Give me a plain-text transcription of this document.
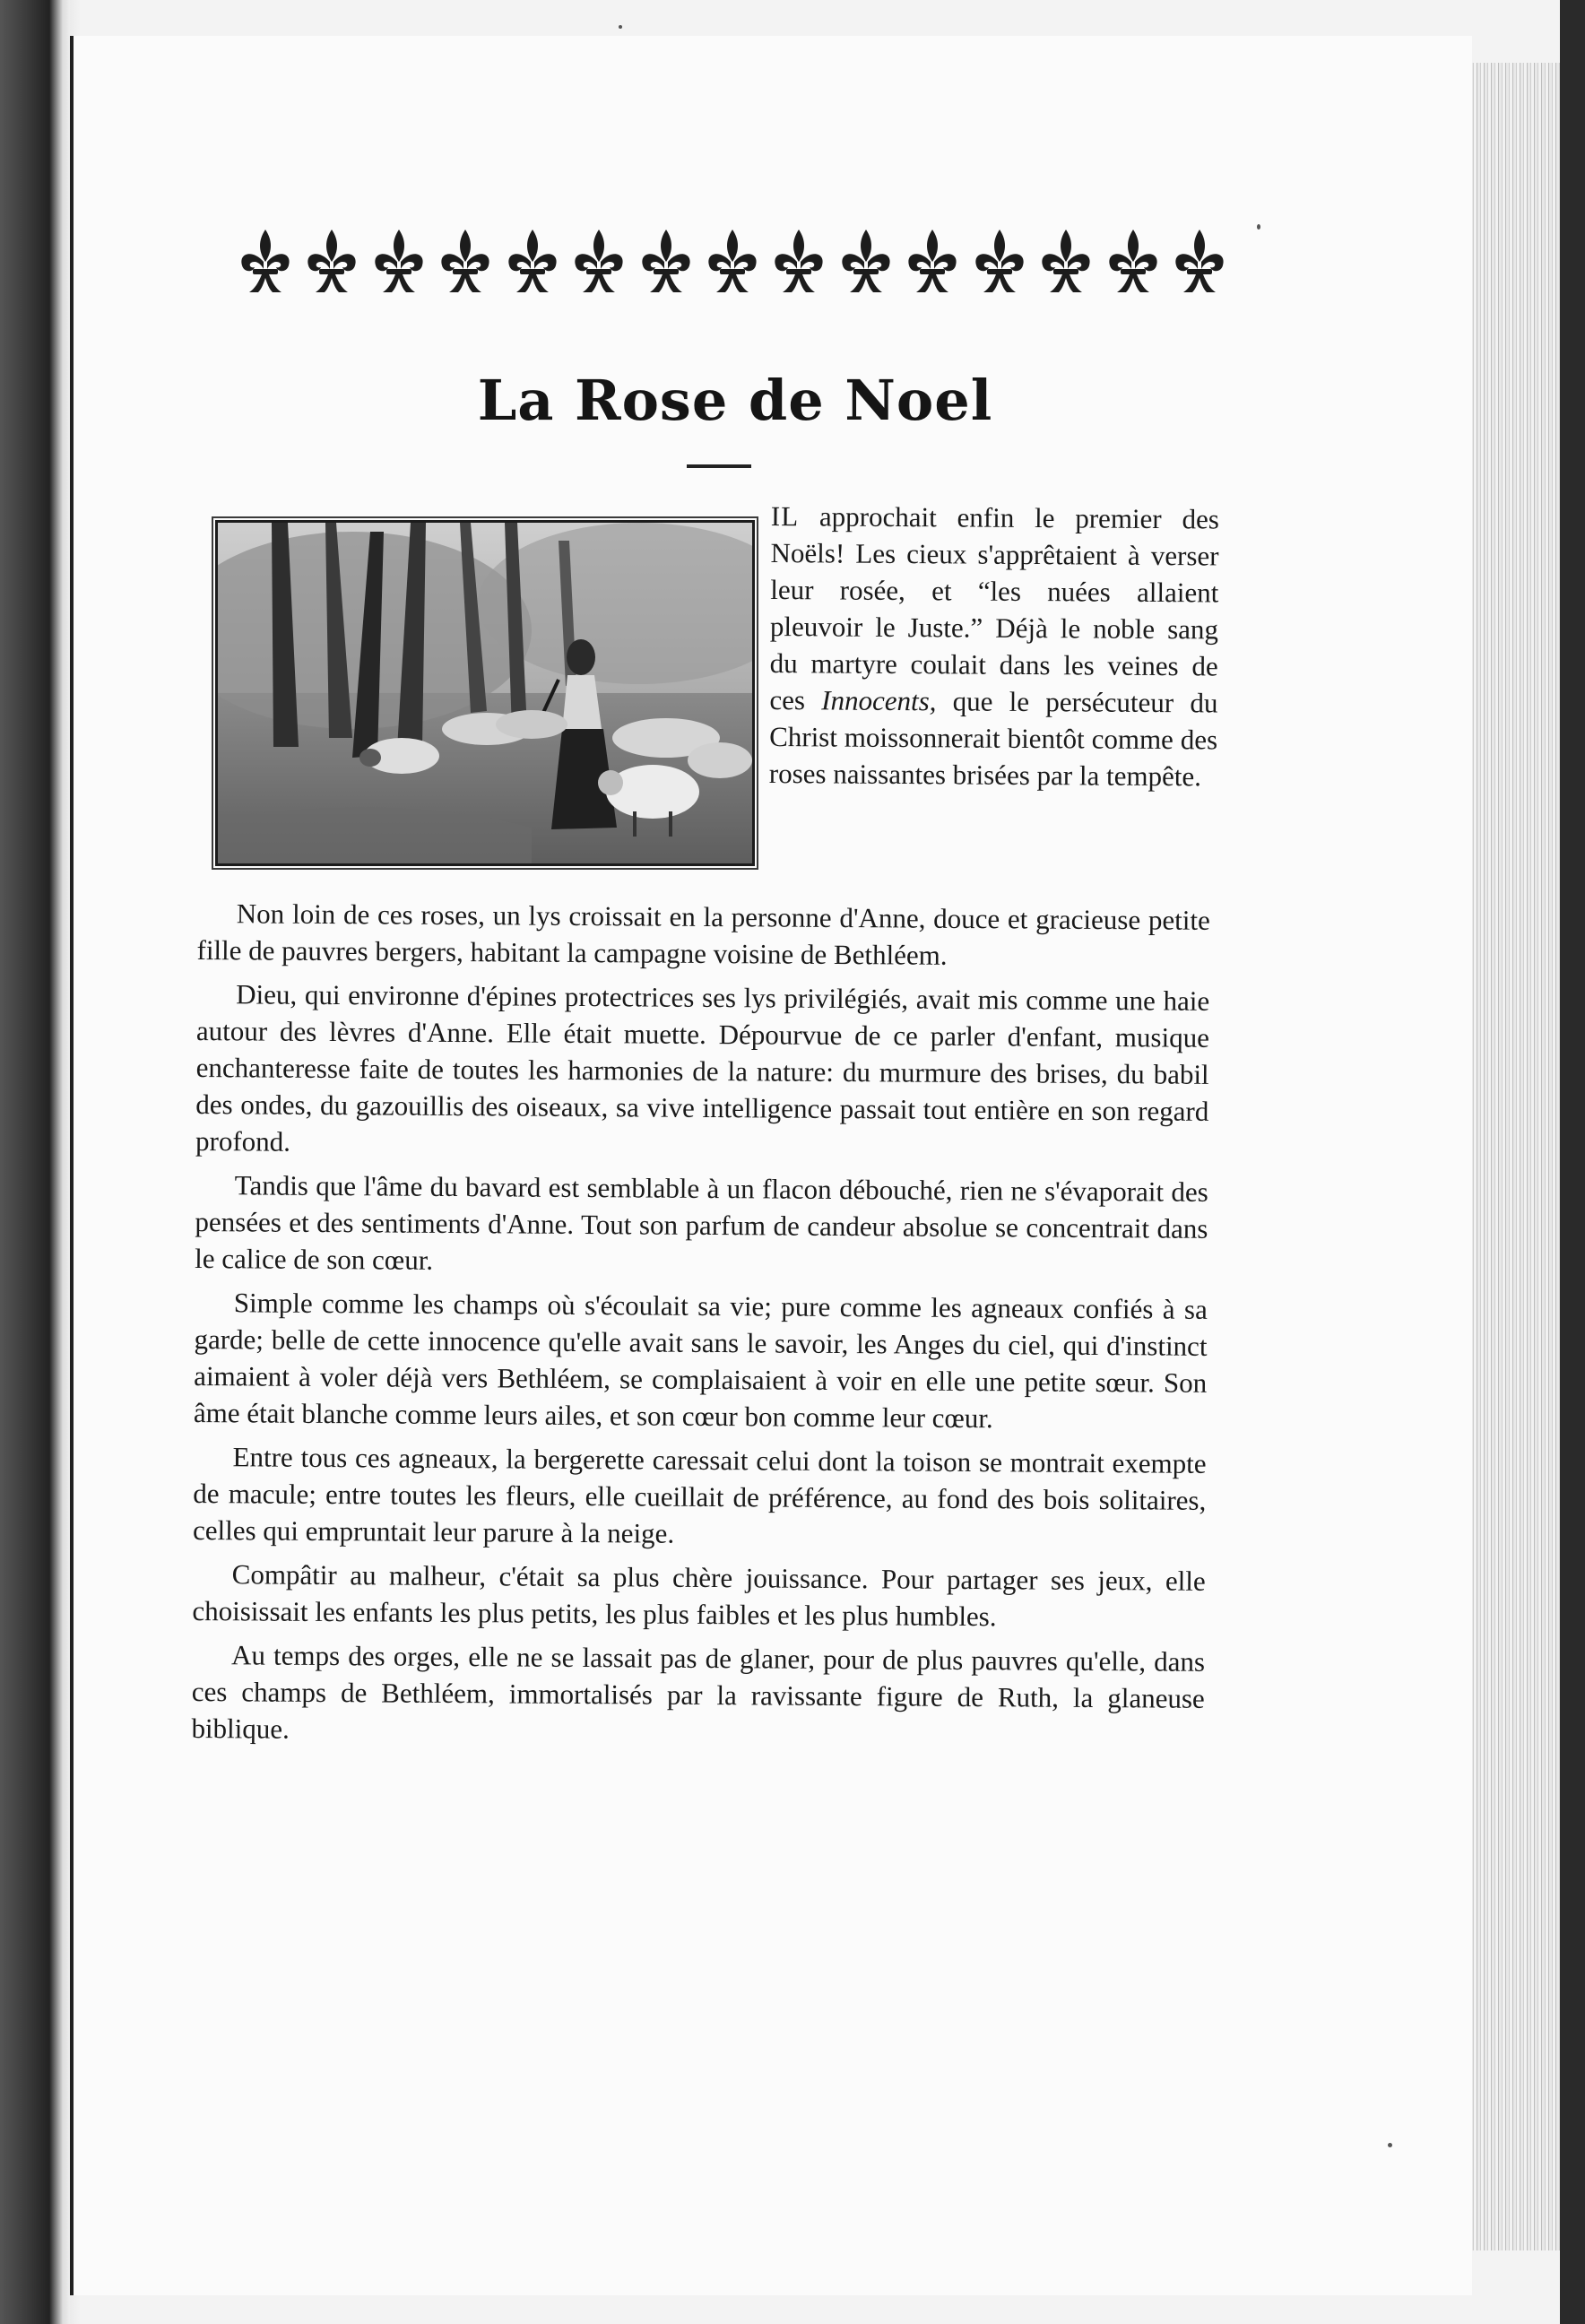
La Rose de Noel

IL approchait enfin le premier des Noëls! Les cieux s'apprêtaient à verser leur rosée, et “les nuées allaient pleuvoir le Juste.” Déjà le noble sang du martyre coulait dans les veines de ces Innocents, que le persécuteur du Christ moissonnerait bientôt comme des roses naissantes brisées par la tempête.

Non loin de ces roses, un lys croissait en la personne d'Anne, douce et gracieuse petite fille de pauvres bergers, habitant la campagne voisine de Bethléem.

Dieu, qui environne d'épines protectrices ses lys privilégiés, avait mis comme une haie autour des lèvres d'Anne. Elle était muette. Dépourvue de ce parler d'enfant, musique enchanteresse faite de toutes les harmonies de la nature: du murmure des brises, du babil des ondes, du gazouillis des oiseaux, sa vive intelligence passait tout entière en son regard profond.

Tandis que l'âme du bavard est semblable à un flacon débouché, rien ne s'évaporait des pensées et des sentiments d'Anne. Tout son parfum de candeur absolue se concentrait dans le calice de son cœur.

Simple comme les champs où s'écoulait sa vie; pure comme les agneaux confiés à sa garde; belle de cette innocence qu'elle avait sans le savoir, les Anges du ciel, qui d'instinct aimaient à voler déjà vers Bethléem, se complaisaient à voir en elle une petite sœur. Son âme était blanche comme leurs ailes, et son cœur bon comme leur cœur.

Entre tous ces agneaux, la bergerette caressait celui dont la toison se montrait exempte de macule; entre toutes les fleurs, elle cueillait de préférence, au fond des bois solitaires, celles qui empruntait leur parure à la neige.

Compâtir au malheur, c'était sa plus chère jouissance. Pour partager ses jeux, elle choisissait les enfants les plus petits, les plus faibles et les plus humbles.

Au temps des orges, elle ne se lassait pas de glaner, pour de plus pauvres qu'elle, dans ces champs de Bethléem, immortalisés par la ravissante figure de Ruth, la glaneuse biblique.
